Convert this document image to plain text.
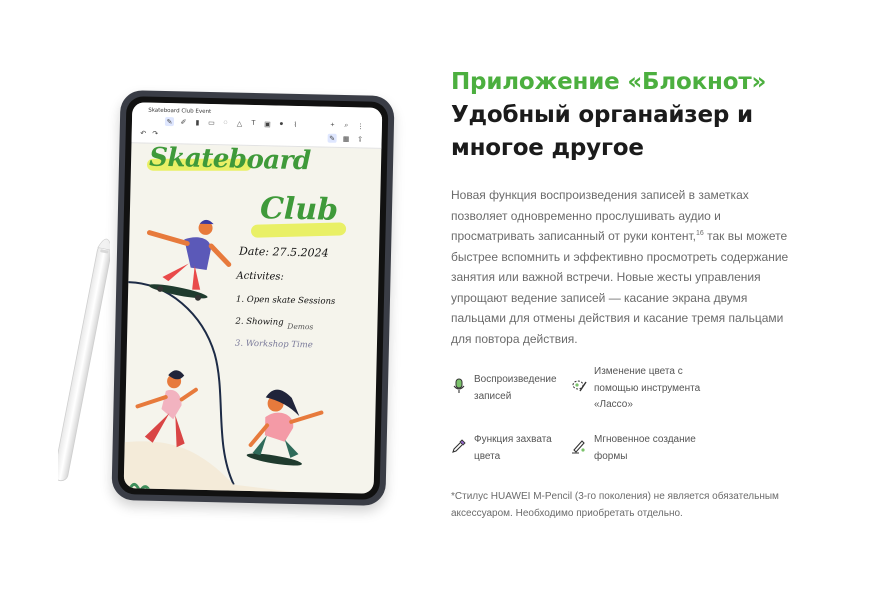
Skateboard Club Event
✎ ✐	▮	▭	◌	△	T	▣	●	⌇
↶ ↷
+	⌕	⋮
✎ ▦ ⇪
Skateboard
Club
Date: 27.5.2024
Activites:
1. Open skate Sessions
2. Showing Demos
3. Workshop Time
Приложение «Блокнот»
Удобный органайзер и многое другое
Новая функция воспроизведения записей в заметках позволяет одновременно прослушивать аудио и просматривать записанный от руки контент,$^{16}$ так вы можете быстрее вспомнить и эффективно просмотреть содержание занятия или важной встречи. Новые жесты управления упрощают ведение записей — касание экрана двумя пальцами для отмены действия и касание тремя пальцами для повтора действия.
Воспроизведение записей
Изменение цвета с помощью инструмента «Лассо»
Функция захвата цвета
Мгновенное создание формы
*Стилус HUAWEI M-Pencil (3-го поколения) не является обязательным аксессуаром. Необходимо приобретать отдельно.
